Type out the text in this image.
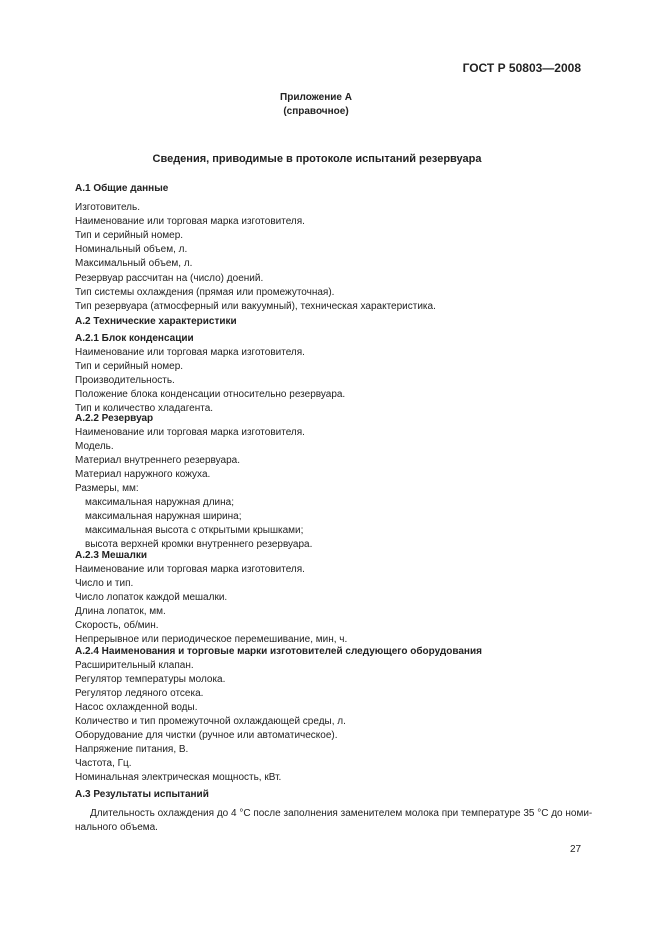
ГОСТ Р 50803—2008
Приложение А
(справочное)
Сведения, приводимые в протоколе испытаний резервуара
А.1 Общие данные
Изготовитель.
Наименование или торговая марка изготовителя.
Тип и серийный номер.
Номинальный объем, л.
Максимальный объем, л.
Резервуар рассчитан на (число) доений.
Тип системы охлаждения (прямая или промежуточная).
Тип резервуара (атмосферный или вакуумный), техническая характеристика.
А.2 Технические характеристики
А.2.1 Блок конденсации
Наименование или торговая марка изготовителя.
Тип и серийный номер.
Производительность.
Положение блока конденсации относительно резервуара.
Тип и количество хладагента.
А.2.2 Резервуар
Наименование или торговая марка изготовителя.
Модель.
Материал внутреннего резервуара.
Материал наружного кожуха.
Размеры, мм:
максимальная наружная длина;
максимальная наружная ширина;
максимальная высота с открытыми крышками;
высота верхней кромки внутреннего резервуара.
А.2.3 Мешалки
Наименование или торговая марка изготовителя.
Число и тип.
Число лопаток каждой мешалки.
Длина лопаток, мм.
Скорость, об/мин.
Непрерывное или периодическое перемешивание, мин, ч.
А.2.4 Наименования и торговые марки изготовителей следующего оборудования
Расширительный клапан.
Регулятор температуры молока.
Регулятор ледяного отсека.
Насос охлажденной воды.
Количество и тип промежуточной охлаждающей среды, л.
Оборудование для чистки (ручное или автоматическое).
Напряжение питания, В.
Частота, Гц.
Номинальная электрическая мощность, кВт.
А.3 Результаты испытаний
Длительность охлаждения до 4 °С после заполнения заменителем молока при температуре 35 °С до номи-
нального объема.
27
